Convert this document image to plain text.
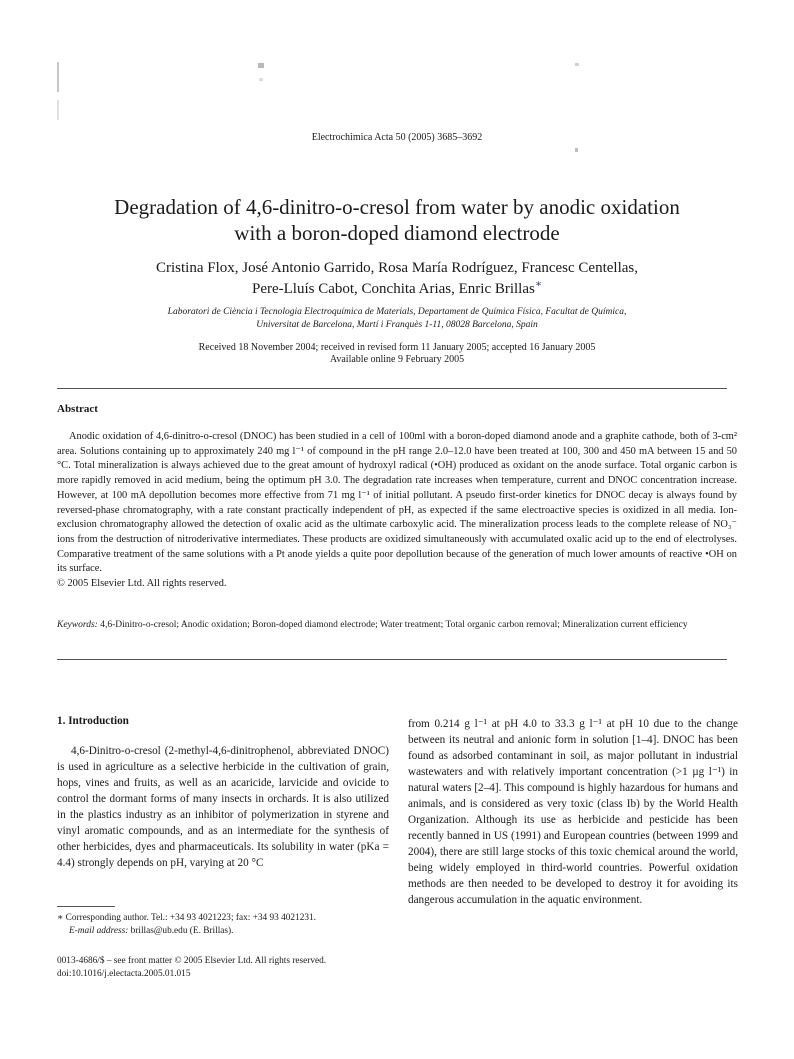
Electrochimica Acta 50 (2005) 3685–3692
Degradation of 4,6-dinitro-o-cresol from water by anodic oxidation
with a boron-doped diamond electrode
Cristina Flox, José Antonio Garrido, Rosa María Rodríguez, Francesc Centellas,
Pere-Lluís Cabot, Conchita Arias, Enric Brillas∗
Laboratori de Ciència i Tecnologia Electroquímica de Materials, Departament de Química Física, Facultat de Química,
Universitat de Barcelona, Martí i Franquès 1-11, 08028 Barcelona, Spain
Received 18 November 2004; received in revised form 11 January 2005; accepted 16 January 2005
Available online 9 February 2005
Abstract

Anodic oxidation of 4,6-dinitro-o-cresol (DNOC) has been studied in a cell of 100ml with a boron-doped diamond anode and a graphite cathode, both of 3-cm² area. Solutions containing up to approximately 240 mg l⁻¹ of compound in the pH range 2.0–12.0 have been treated at 100, 300 and 450 mA between 15 and 50 °C. Total mineralization is always achieved due to the great amount of hydroxyl radical (•OH) produced as oxidant on the anode surface. Total organic carbon is more rapidly removed in acid medium, being the optimum pH 3.0. The degradation rate increases when temperature, current and DNOC concentration increase. However, at 100 mA depollution becomes more effective from 71 mg l⁻¹ of initial pollutant. A pseudo first-order kinetics for DNOC decay is always found by reversed-phase chromatography, with a rate constant practically independent of pH, as expected if the same electroactive species is oxidized in all media. Ion-exclusion chromatography allowed the detection of oxalic acid as the ultimate carboxylic acid. The mineralization process leads to the complete release of NO₃⁻ ions from the destruction of nitroderivative intermediates. These products are oxidized simultaneously with accumulated oxalic acid up to the end of electrolyses. Comparative treatment of the same solutions with a Pt anode yields a quite poor depollution because of the generation of much lower amounts of reactive •OH on its surface.

© 2005 Elsevier Ltd. All rights reserved.
Keywords: 4,6-Dinitro-o-cresol; Anodic oxidation; Boron-doped diamond electrode; Water treatment; Total organic carbon removal; Mineralization current efficiency
1. Introduction
4,6-Dinitro-o-cresol (2-methyl-4,6-dinitrophenol, abbreviated DNOC) is used in agriculture as a selective herbicide in the cultivation of grain, hops, vines and fruits, as well as an acaricide, larvicide and ovicide to control the dormant forms of many insects in orchards. It is also utilized in the plastics industry as an inhibitor of polymerization in styrene and vinyl aromatic compounds, and as an intermediate for the synthesis of other herbicides, dyes and pharmaceuticals. Its solubility in water (pKa = 4.4) strongly depends on pH, varying at 20 °C
from 0.214 g l⁻¹ at pH 4.0 to 33.3 g l⁻¹ at pH 10 due to the change between its neutral and anionic form in solution [1–4]. DNOC has been found as adsorbed contaminant in soil, as major pollutant in industrial wastewaters and with relatively important concentration (>1 µg l⁻¹) in natural waters [2–4]. This compound is highly hazardous for humans and animals, and is considered as very toxic (class Ib) by the World Health Organization. Although its use as herbicide and pesticide has been recently banned in US (1991) and European countries (between 1999 and 2004), there are still large stocks of this toxic chemical around the world, being widely employed in third-world countries. Powerful oxidation methods are then needed to be developed to destroy it for avoiding its dangerous accumulation in the aquatic environment.
∗ Corresponding author. Tel.: +34 93 4021223; fax: +34 93 4021231.
E-mail address: brillas@ub.edu (E. Brillas).
0013-4686/$ – see front matter © 2005 Elsevier Ltd. All rights reserved.
doi:10.1016/j.electacta.2005.01.015
